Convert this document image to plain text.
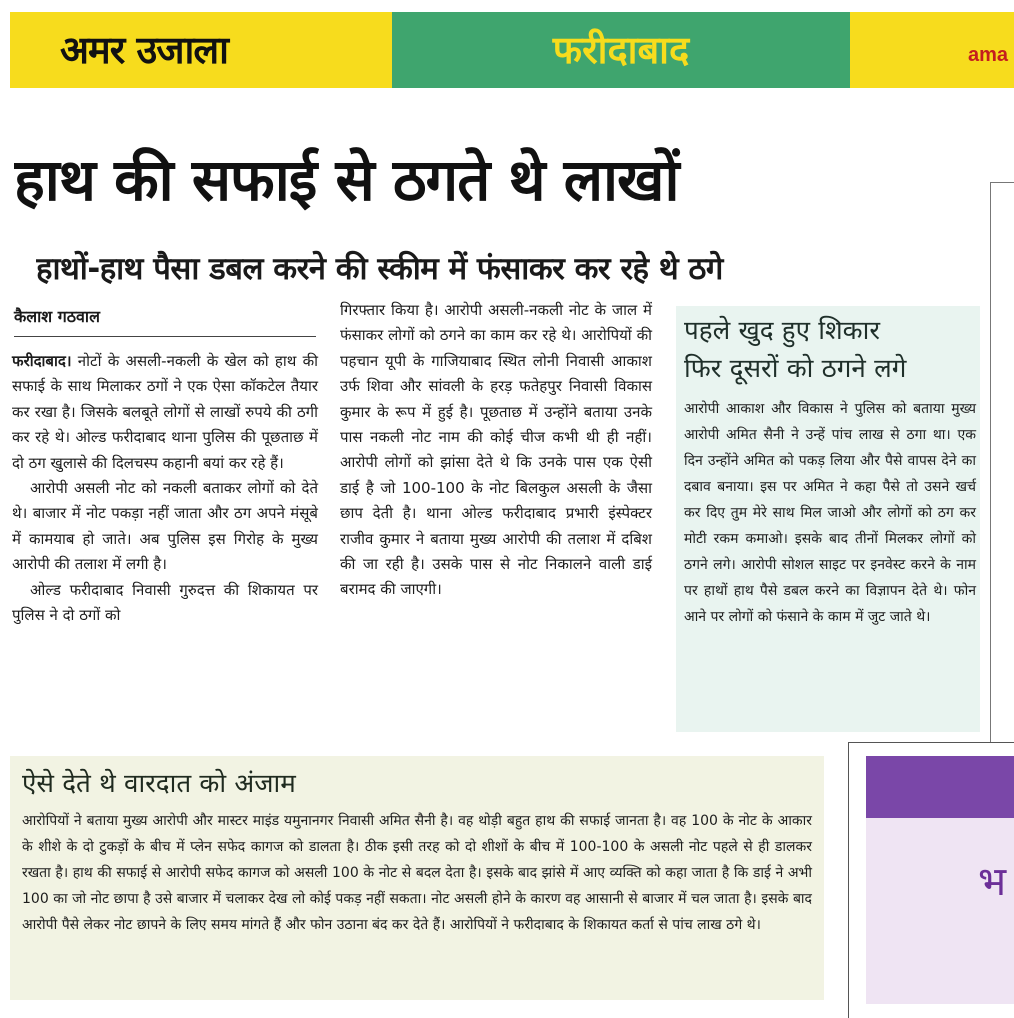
अमर उजाला	फरीदाबाद	ama
हाथ की सफाई से ठगते थे लाखों
हाथों-हाथ पैसा डबल करने की स्कीम में फंसाकर कर रहे थे ठगे
कैलाश गठवाल

फरीदाबाद। नोटों के असली-नकली के खेल को हाथ की सफाई के साथ मिलाकर ठगों ने एक ऐसा कॉकटेल तैयार कर रखा है। जिसके बलबूते लोगों से लाखों रुपये की ठगी कर रहे थे। ओल्ड फरीदाबाद थाना पुलिस की पूछताछ में दो ठग खुलासे की दिलचस्प कहानी बयां कर रहे हैं।

आरोपी असली नोट को नकली बताकर लोगों को देते थे। बाजार में नोट पकड़ा नहीं जाता और ठग अपने मंसूबे में कामयाब हो जाते। अब पुलिस इस गिरोह के मुख्य आरोपी की तलाश में लगी है।

ओल्ड फरीदाबाद निवासी गुरुदत्त की शिकायत पर पुलिस ने दो ठगों को

गिरफ्तार किया है। आरोपी असली-नकली नोट के जाल में फंसाकर लोगों को ठगने का काम कर रहे थे। आरोपियों की पहचान यूपी के गाजियाबाद स्थित लोनी निवासी आकाश उर्फ शिवा और सांवली के हरड़ फतेहपुर निवासी विकास कुमार के रूप में हुई है। पूछताछ में उन्होंने बताया उनके पास नकली नोट नाम की कोई चीज कभी थी ही नहीं। आरोपी लोगों को झांसा देते थे कि उनके पास एक ऐसी डाई है जो 100-100 के नोट बिलकुल असली के जैसा छाप देती है। थाना ओल्ड फरीदाबाद प्रभारी इंस्पेक्टर राजीव कुमार ने बताया मुख्य आरोपी की तलाश में दबिश की जा रही है। उसके पास से नोट निकालने वाली डाई बरामद की जाएगी।

पहले खुद हुए शिकार
फिर दूसरों को ठगने लगे

आरोपी आकाश और विकास ने पुलिस को बताया मुख्य आरोपी अमित सैनी ने उन्हें पांच लाख से ठगा था। एक दिन उन्होंने अमित को पकड़ लिया और पैसे वापस देने का दबाव बनाया। इस पर अमित ने कहा पैसे तो उसने खर्च कर दिए तुम मेरे साथ मिल जाओ और लोगों को ठग कर मोटी रकम कमाओ। इसके बाद तीनों मिलकर लोगों को ठगने लगे। आरोपी सोशल साइट पर इनवेस्ट करने के नाम पर हाथों हाथ पैसे डबल करने का विज्ञापन देते थे। फोन आने पर लोगों को फंसाने के काम में जुट जाते थे।

ऐसे देते थे वारदात को अंजाम

आरोपियों ने बताया मुख्य आरोपी और मास्टर माइंड यमुनानगर निवासी अमित सैनी है। वह थोड़ी बहुत हाथ की सफाई जानता है। वह 100 के नोट के आकार के शीशे के दो टुकड़ों के बीच में प्लेन सफेद कागज को डालता है। ठीक इसी तरह को दो शीशों के बीच में 100-100 के असली नोट पहले से ही डालकर रखता है। हाथ की सफाई से आरोपी सफेद कागज को असली 100 के नोट से बदल देता है। इसके बाद झांसे में आए व्यक्ति को कहा जाता है कि डाई ने अभी 100 का जो नोट छापा है उसे बाजार में चलाकर देख लो कोई पकड़ नहीं सकता। नोट असली होने के कारण वह आसानी से बाजार में चल जाता है। इसके बाद आरोपी पैसे लेकर नोट छापने के लिए समय मांगते हैं और फोन उठाना बंद कर देते हैं। आरोपियों ने फरीदाबाद के शिकायत कर्ता से पांच लाख ठगे थे।

भ
